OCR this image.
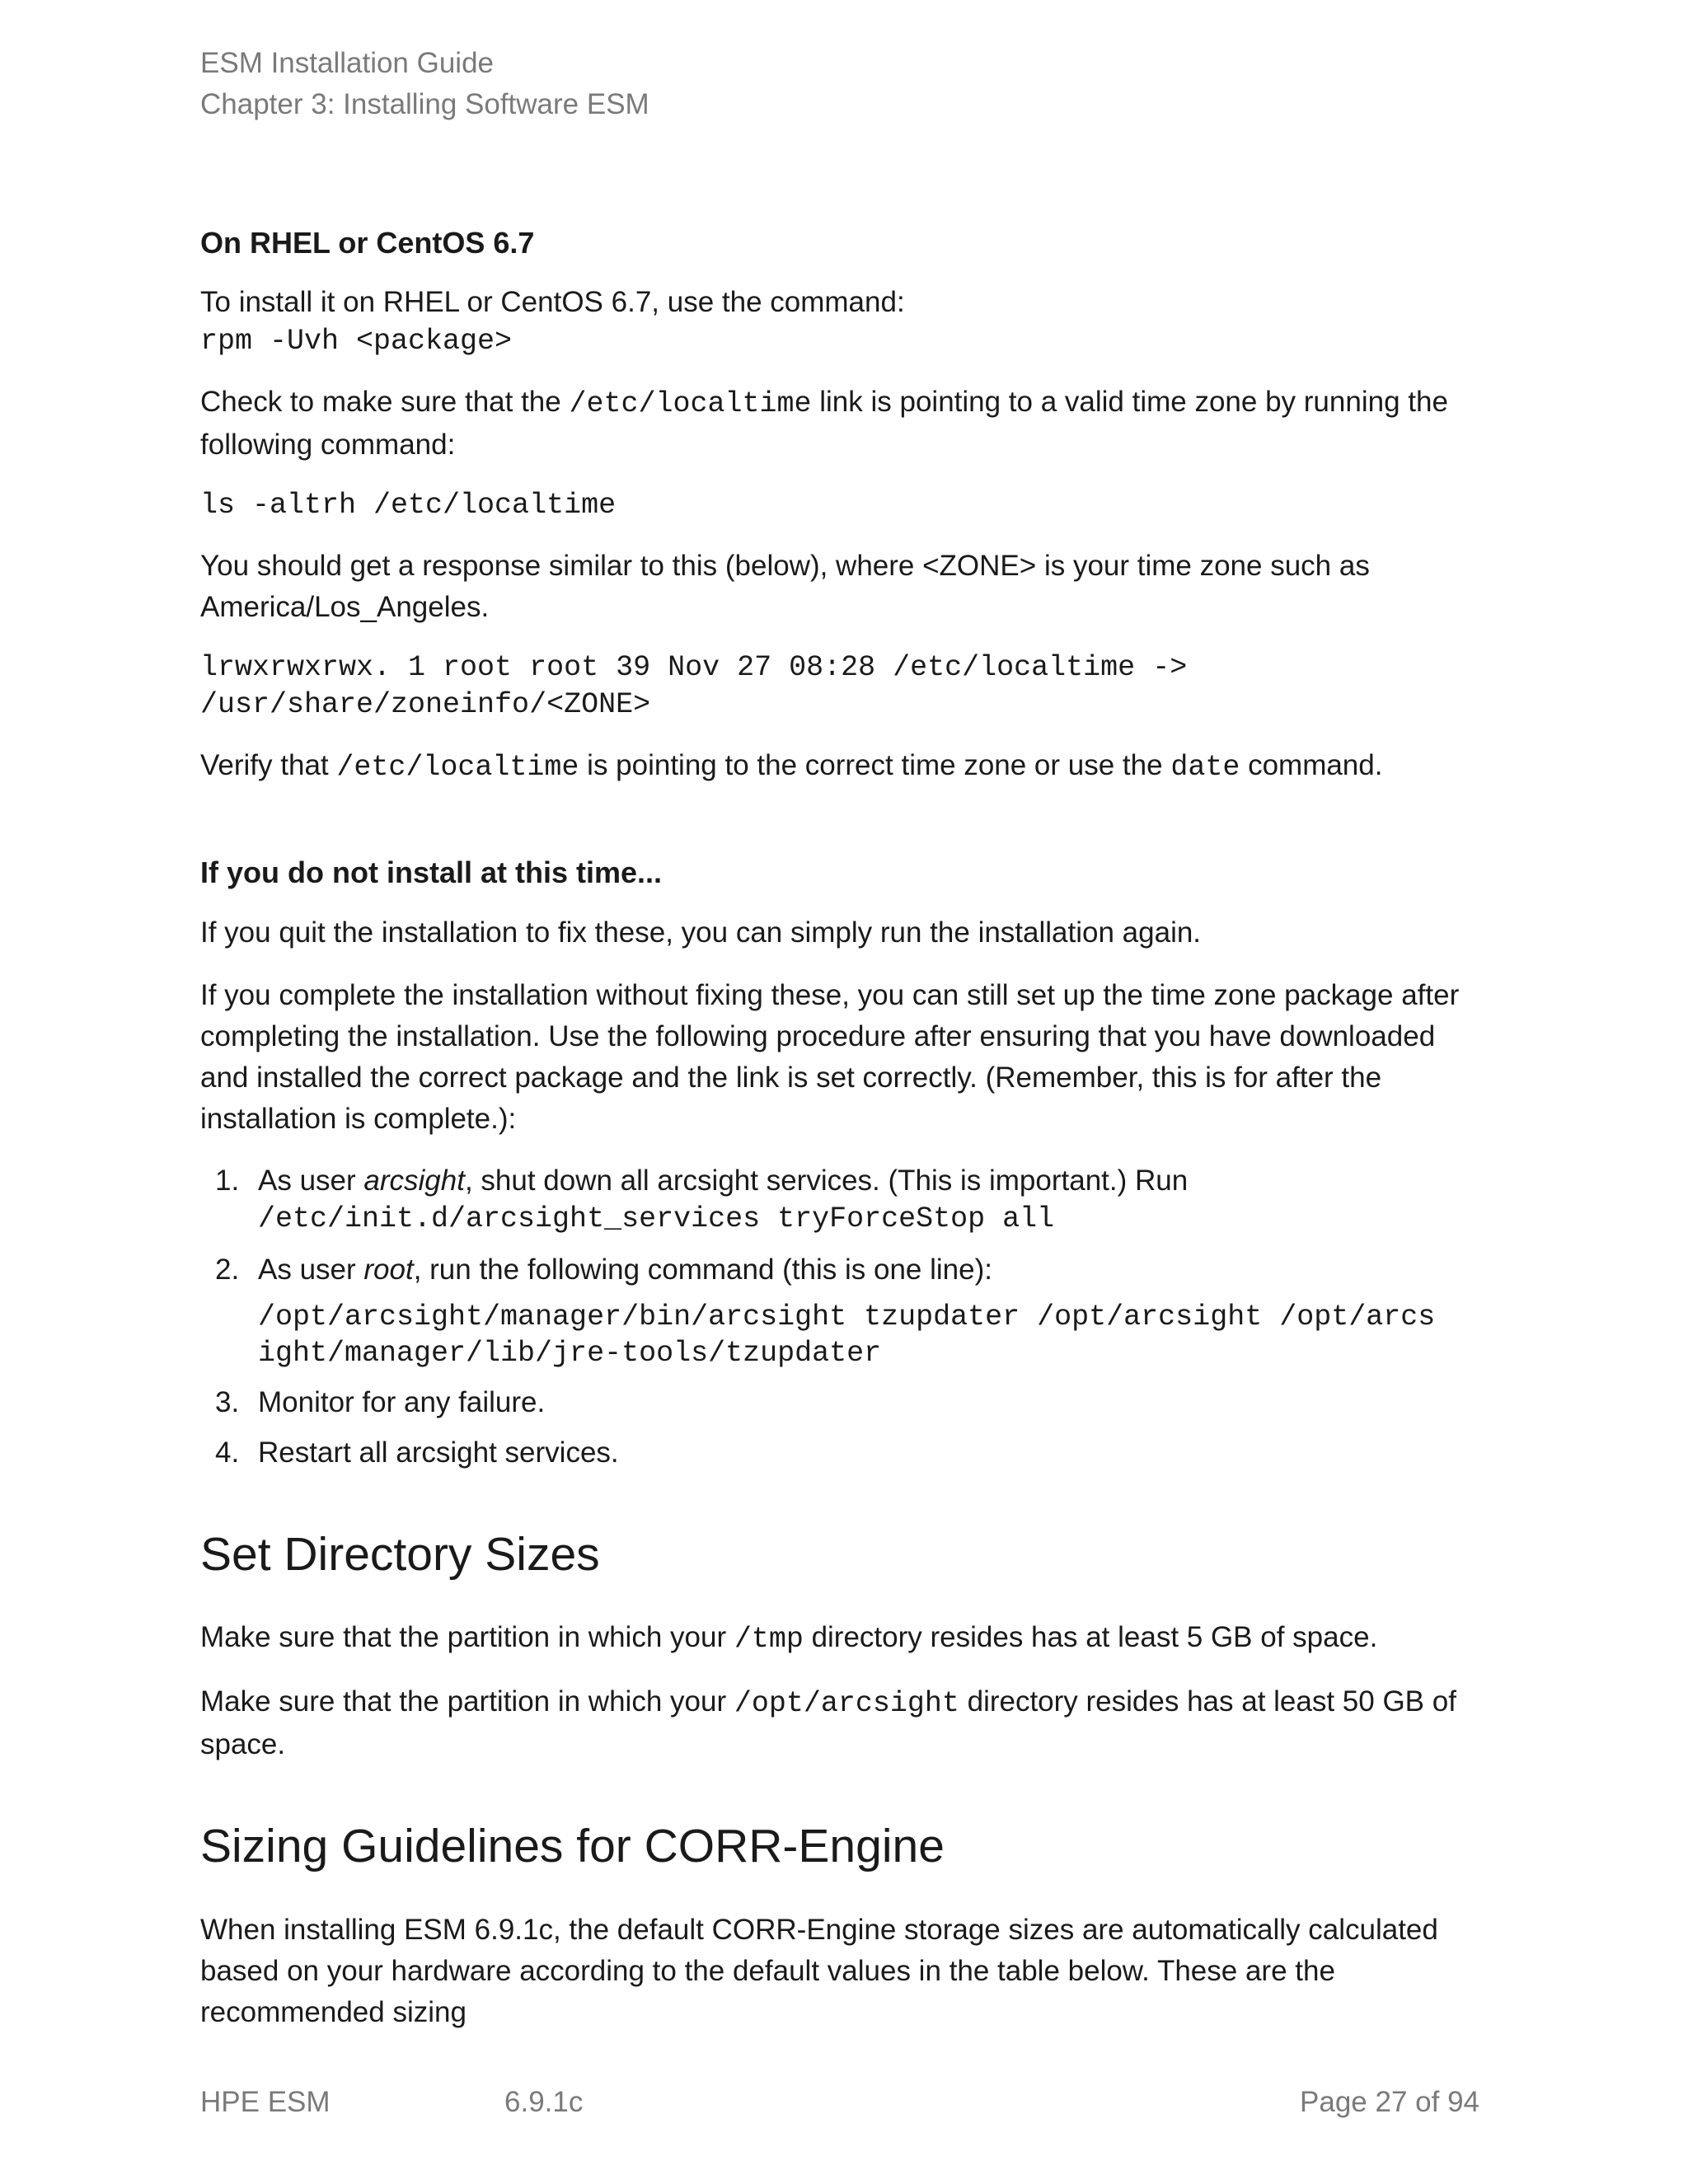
ESM Installation Guide
Chapter 3: Installing Software ESM
On RHEL or CentOS 6.7

To install it on RHEL or CentOS 6.7, use the command:

rpm -Uvh <package>

Check to make sure that the /etc/localtime link is pointing to a valid time zone by running the following command:

ls -altrh /etc/localtime

You should get a response similar to this (below), where <ZONE> is your time zone such as America/Los_Angeles.

lrwxrwxrwx. 1 root root 39 Nov 27 08:28 /etc/localtime ->
/usr/share/zoneinfo/<ZONE>

Verify that /etc/localtime is pointing to the correct time zone or use the date command.

If you do not install at this time...

If you quit the installation to fix these, you can simply run the installation again.

If you complete the installation without fixing these, you can still set up the time zone package after completing the installation. Use the following procedure after ensuring that you have downloaded and installed the correct package and the link is set correctly. (Remember, this is for after the installation is complete.):

1. As user arcsight, shut down all arcsight services. (This is important.) Run
/etc/init.d/arcsight_services tryForceStop all
2. As user root, run the following command (this is one line):
/opt/arcsight/manager/bin/arcsight tzupdater /opt/arcsight /opt/arcs
ight/manager/lib/jre-tools/tzupdater
3. Monitor for any failure.
4. Restart all arcsight services.
Set Directory Sizes

Make sure that the partition in which your /tmp directory resides has at least 5 GB of space.

Make sure that the partition in which your /opt/arcsight directory resides has at least 50 GB of space.

Sizing Guidelines for CORR-Engine

When installing ESM 6.9.1c, the default CORR-Engine storage sizes are automatically calculated based on your hardware according to the default values in the table below. These are the recommended sizing

HPE ESM	6.9.1c	Page 27 of 94
